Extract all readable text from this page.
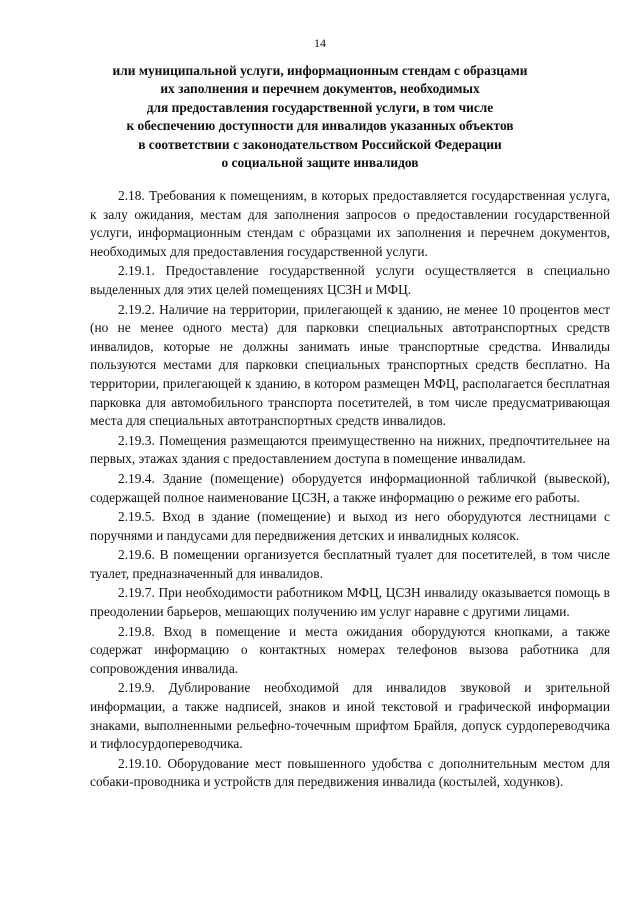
14
или муниципальной услуги, информационным стендам с образцами
их заполнения и перечнем документов, необходимых
для предоставления государственной услуги, в том числе
к обеспечению доступности для инвалидов указанных объектов
в соответствии с законодательством Российской Федерации
о социальной защите инвалидов

2.18. Требования к помещениям, в которых предоставляется государственная услуга, к залу ожидания, местам для заполнения запросов о предоставлении государственной услуги, информационным стендам с образцами их заполнения и перечнем документов, необходимых для предоставления государственной услуги.

2.19.1. Предоставление государственной услуги осуществляется в специально выделенных для этих целей помещениях ЦСЗН и МФЦ.

2.19.2. Наличие на территории, прилегающей к зданию, не менее 10 процентов мест (но не менее одного места) для парковки специальных автотранспортных средств инвалидов, которые не должны занимать иные транспортные средства. Инвалиды пользуются местами для парковки специальных транспортных средств бесплатно. На территории, прилегающей к зданию, в котором размещен МФЦ, располагается бесплатная парковка для автомобильного транспорта посетителей, в том числе предусматривающая места для специальных автотранспортных средств инвалидов.

2.19.3. Помещения размещаются преимущественно на нижних, предпочтительнее на первых, этажах здания с предоставлением доступа в помещение инвалидам.

2.19.4. Здание (помещение) оборудуется информационной табличкой (вывеской), содержащей полное наименование ЦСЗН, а также информацию о режиме его работы.

2.19.5. Вход в здание (помещение) и выход из него оборудуются лестницами с поручнями и пандусами для передвижения детских и инвалидных колясок.

2.19.6. В помещении организуется бесплатный туалет для посетителей, в том числе туалет, предназначенный для инвалидов.

2.19.7. При необходимости работником МФЦ, ЦСЗН инвалиду оказывается помощь в преодолении барьеров, мешающих получению им услуг наравне с другими лицами.

2.19.8. Вход в помещение и места ожидания оборудуются кнопками, а также содержат информацию о контактных номерах телефонов вызова работника для сопровождения инвалида.

2.19.9. Дублирование необходимой для инвалидов звуковой и зрительной информации, а также надписей, знаков и иной текстовой и графической информации знаками, выполненными рельефно-точечным шрифтом Брайля, допуск сурдопереводчика и тифлосурдопереводчика.

2.19.10. Оборудование мест повышенного удобства с дополнительным местом для собаки-проводника и устройств для передвижения инвалида (костылей, ходунков).
